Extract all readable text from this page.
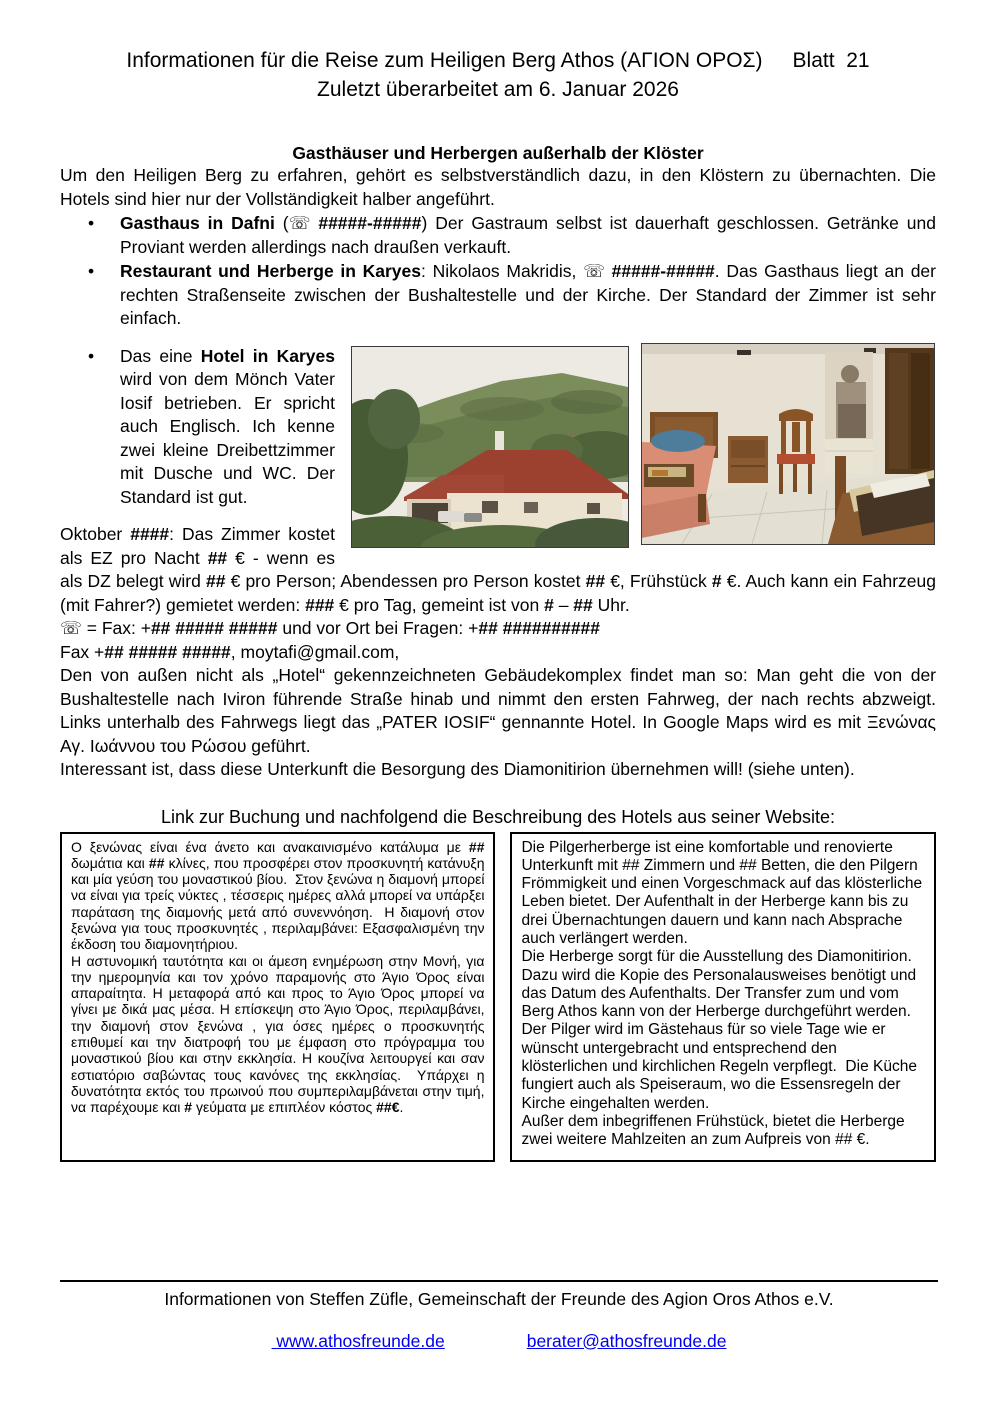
Informationen für die Reise zum Heiligen Berg Athos (ΑΓΙΟΝ ΟΡΟΣ) Blatt  21
Zuletzt überarbeitet am 6. Januar 2026
Gasthäuser und Herbergen außerhalb der Klöster

Um den Heiligen Berg zu erfahren, gehört es selbstverständlich dazu, in den Klöstern zu übernachten. Die Hotels sind hier nur der Vollständigkeit halber angeführt.

•	Gasthaus in Dafni (☏ #####-#####) Der Gastraum selbst ist dauerhaft geschlossen. Getränke und Proviant werden allerdings nach draußen verkauft.
•	Restaurant und Herberge in Karyes: Nikolaos Makridis, ☏ #####-#####. Das Gasthaus liegt an der rechten Straßenseite zwischen der Bushaltestelle und der Kirche. Der Standard der Zimmer ist sehr einfach.
•	Das eine Hotel in Karyes wird von dem Mönch Vater Iosif betrieben. Er spricht auch Englisch. Ich kenne zwei kleine Dreibettzimmer mit Dusche und WC. Der Standard ist gut.

Oktober ####: Das Zimmer kostet als EZ pro Nacht ## € - wenn es als DZ belegt wird ## € pro Person; Abendessen pro Person kostet ## €, Frühstück # €. Auch kann ein Fahrzeug (mit Fahrer?) gemietet werden: ### € pro Tag, gemeint ist von # – ## Uhr.

☏ = Fax: +## ##### ##### und vor Ort bei Fragen: +## ##########

Fax +## ##### #####, moytafi@gmail.com,

Den von außen nicht als „Hotel“ gekennzeichneten Gebäudekomplex findet man so: Man geht die von der Bushaltestelle nach Iviron führende Straße hinab und nimmt den ersten Fahrweg, der nach rechts abzweigt. Links unterhalb des Fahrwegs liegt das „PATER IOSIF“ gennannte Hotel. In Google Maps wird es mit Ξενώνας Αγ. Ιωάννου του Ρώσου geführt.

Interessant ist, dass diese Unterkunft die Besorgung des Diamonitirion übernehmen will! (siehe unten).

Link zur Buchung und nachfolgend die Beschreibung des Hotels aus seiner Website:
Ο ξενώνας είναι ένα άνετο και ανακαινισμένο κατάλυμα με ## δωμάτια και ## κλίνες, που προσφέρει στον προσκυνητή κατάνυξη και μία γεύση του μοναστικού βίου.  Στον ξενώνα η διαμονή μπορεί να είναι για τρείς νύκτες , τέσσερις ημέρες αλλά μπορεί να υπάρξει παράταση της διαμονής μετά από συνεννόηση.  Η διαμονή στον ξενώνα για τους προσκυνητές , περιλαμβάνει: Εξασφαλισμένη την έκδοση του διαμονητήριου.
Η αστυνομική ταυτότητα και οι άμεση ενημέρωση στην Μονή, για την ημερομηνία και τον χρόνο παραμονής στο Άγιο Όρος είναι απαραίτητα. Η μεταφορά από και προς το Άγιο Όρος μπορεί να γίνει με δικά μας μέσα. Η επίσκεψη στο Άγιο Όρος, περιλαμβάνει, την διαμονή στον ξενώνα , για όσες ημέρες ο προσκυνητής  επιθυμεί και την διατροφή του με έμφαση στο πρόγραμμα του μοναστικού βίου και στην εκκλησία. Η κουζίνα λειτουργεί και σαν εστιατόριο σαβώντας τους κανόνες της εκκλησίας.  Υπάρχει η δυνατότητα εκτός του πρωινού που συμπεριλαμβάνεται στην τιμή, να παρέχουμε και # γεύματα με επιπλέον κόστος ##€.
Die Pilgerherberge ist eine komfortable und renovierte Unterkunft mit ## Zimmern und ## Betten, die den Pilgern Frömmigkeit und einen Vorgeschmack auf das klösterliche Leben bietet. Der Aufenthalt in der Herberge kann bis zu drei Übernachtungen dauern und kann nach Absprache auch verlängert werden.
Die Herberge sorgt für die Ausstellung des Diamonitirion. Dazu wird die Kopie des Personalausweises benötigt und das Datum des Aufenthalts. Der Transfer zum und vom Berg Athos kann von der Herberge durchgeführt werden. Der Pilger wird im Gästehaus für so viele Tage wie er wünscht untergebracht und entsprechend den klösterlichen und kirchlichen Regeln verpflegt.  Die Küche fungiert auch als Speiseraum, wo die Essensregeln der Kirche eingehalten werden.
Außer dem inbegriffenen Frühstück, bietet die Herberge zwei weitere Mahlzeiten an zum Aufpreis von ## €.
Informationen von Steffen Züfle, Gemeinschaft der Freunde des Agion Oros Athos e.V.
www.athosfreunde.de	berater@athosfreunde.de
